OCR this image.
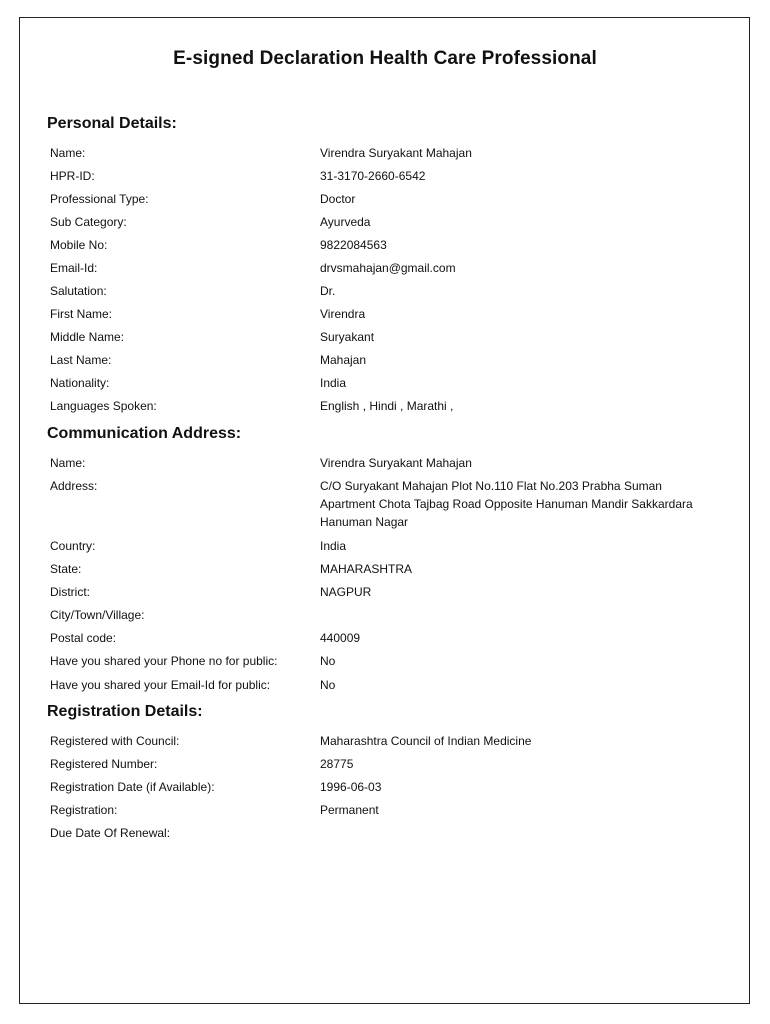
E-signed Declaration Health Care Professional
Personal Details:
Name:	Virendra Suryakant Mahajan
HPR-ID:	31-3170-2660-6542
Professional Type:	Doctor
Sub Category:	Ayurveda
Mobile No:	9822084563
Email-Id:	drvsmahajan@gmail.com
Salutation:	Dr.
First Name:	Virendra
Middle Name:	Suryakant
Last Name:	Mahajan
Nationality:	India
Languages Spoken:	English , Hindi , Marathi ,
Communication Address:
Name:	Virendra Suryakant Mahajan
Address:	C/O Suryakant Mahajan Plot No.110 Flat No.203 Prabha Suman Apartment Chota Tajbag Road Opposite Hanuman Mandir Sakkardara Hanuman Nagar
Country:	India
State:	MAHARASHTRA
District:	NAGPUR
City/Town/Village:
Postal code:	440009
Have you shared your Phone no for public:	No
Have you shared your Email-Id for public:	No
Registration Details:
Registered with Council:	Maharashtra Council of Indian Medicine
Registered Number:	28775
Registration Date (if Available):	1996-06-03
Registration:	Permanent
Due Date Of Renewal:
